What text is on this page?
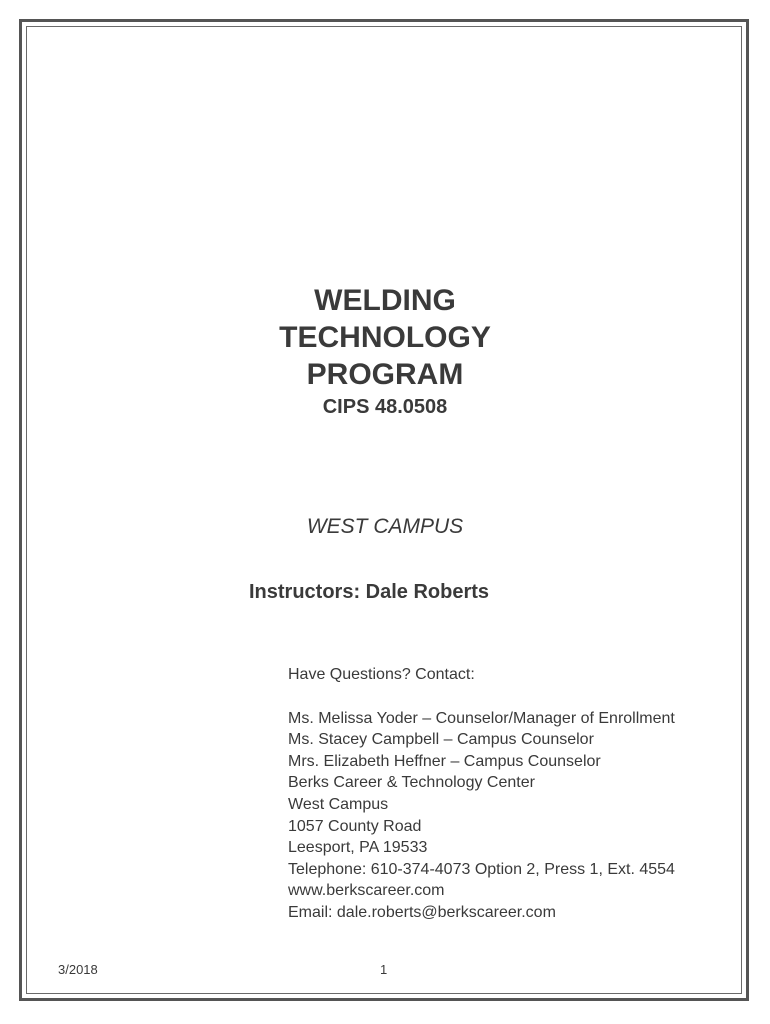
WELDING
TECHNOLOGY
PROGRAM
CIPS 48.0508
WEST CAMPUS
Instructors: Dale Roberts
Have Questions? Contact:
Ms. Melissa Yoder – Counselor/Manager of Enrollment
Ms. Stacey Campbell – Campus Counselor
Mrs. Elizabeth Heffner – Campus Counselor
Berks Career & Technology Center
West Campus
1057 County Road
Leesport, PA 19533
Telephone: 610-374-4073 Option 2, Press 1, Ext. 4554
www.berkscareer.com
Email: dale.roberts@berkscareer.com
3/2018	1
